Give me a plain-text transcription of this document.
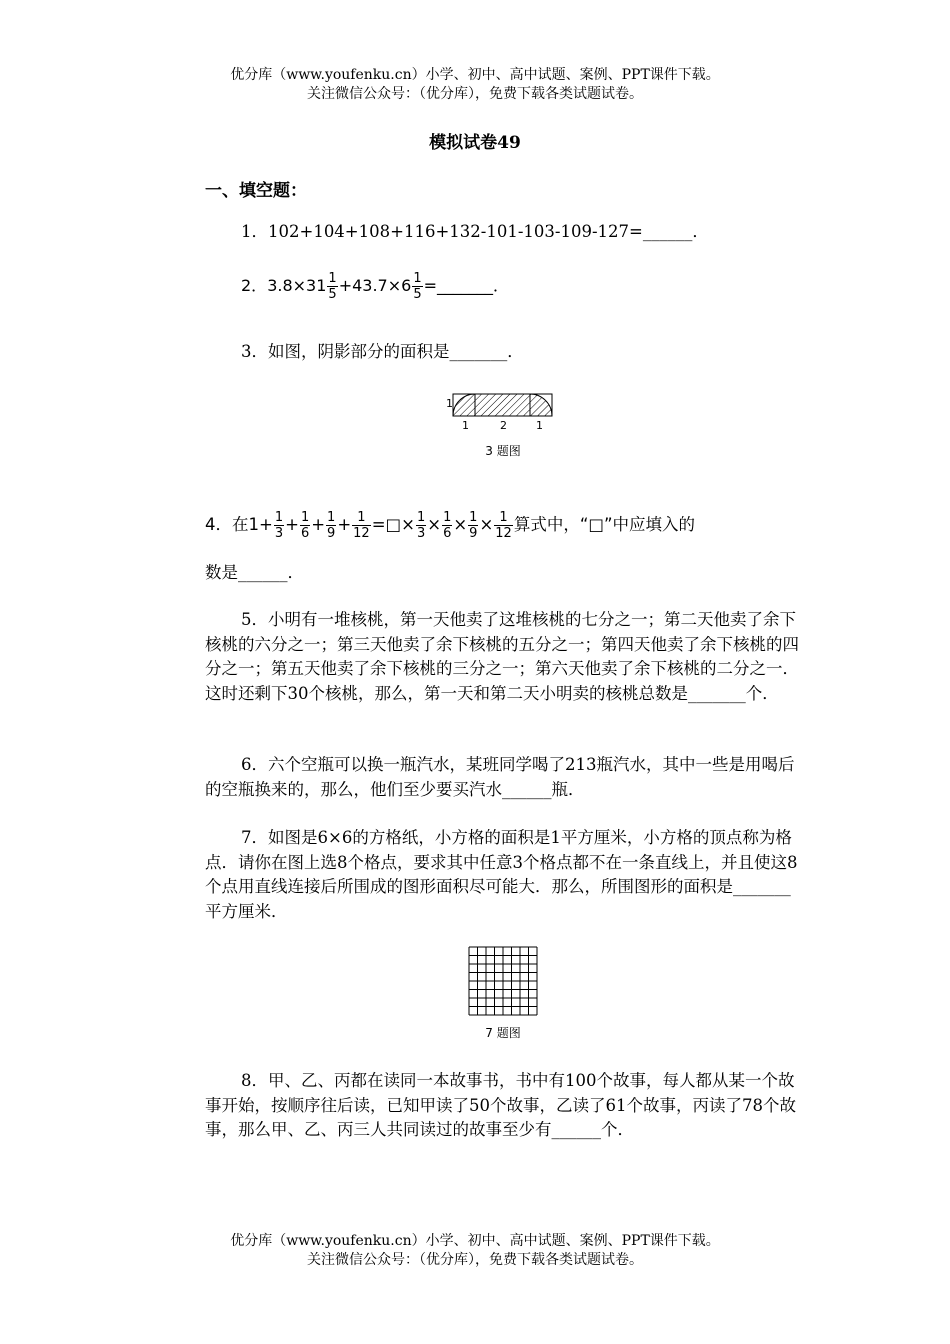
优分库（www.youfenku.cn）小学、初中、高中试题、案例、PPT课件下载。
关注微信公众号：（优分库），免费下载各类试题试卷。
模拟试卷49
一、填空题：
1．102+104+108+116+132-101-103-109-127=______．
2．$3.8\times 31 \frac{1}{5} +43.7\times 6 \frac{1}{5}$ =_______．
3．如图，阴影部分的面积是_______．
1
1	2	1
3 题图
4．在$1+ \frac{1}{3} + \frac{1}{6} + \frac{1}{9} + \frac{1}{12}$ =□× $\frac{1}{3} \times \frac{1}{6} \times \frac{1}{9} \times \frac{1}{12}$ 算式中，“□”中应填入的
数是______．
5．小明有一堆核桃，第一天他卖了这堆核桃的七分之一；第二天他卖了余下核桃的六分之一；第三天他卖了余下核桃的五分之一；第四天他卖了余下核桃的四分之一；第五天他卖了余下核桃的三分之一；第六天他卖了余下核桃的二分之一．这时还剩下30个核桃，那么，第一天和第二天小明卖的核桃总数是_______个．
6．六个空瓶可以换一瓶汽水，某班同学喝了213瓶汽水，其中一些是用喝后的空瓶换来的，那么，他们至少要买汽水______瓶．
7．如图是6×6的方格纸，小方格的面积是1平方厘米，小方格的顶点称为格点．请你在图上选8个格点，要求其中任意3个格点都不在一条直线上，并且使这8个点用直线连接后所围成的图形面积尽可能大．那么，所围图形的面积是_______平方厘米．
7 题图
8．甲、乙、丙都在读同一本故事书，书中有100个故事，每人都从某一个故事开始，按顺序往后读，已知甲读了50个故事，乙读了61个故事，丙读了78个故事，那么甲、乙、丙三人共同读过的故事至少有______个．
优分库（www.youfenku.cn）小学、初中、高中试题、案例、PPT课件下载。
关注微信公众号：（优分库），免费下载各类试题试卷。
